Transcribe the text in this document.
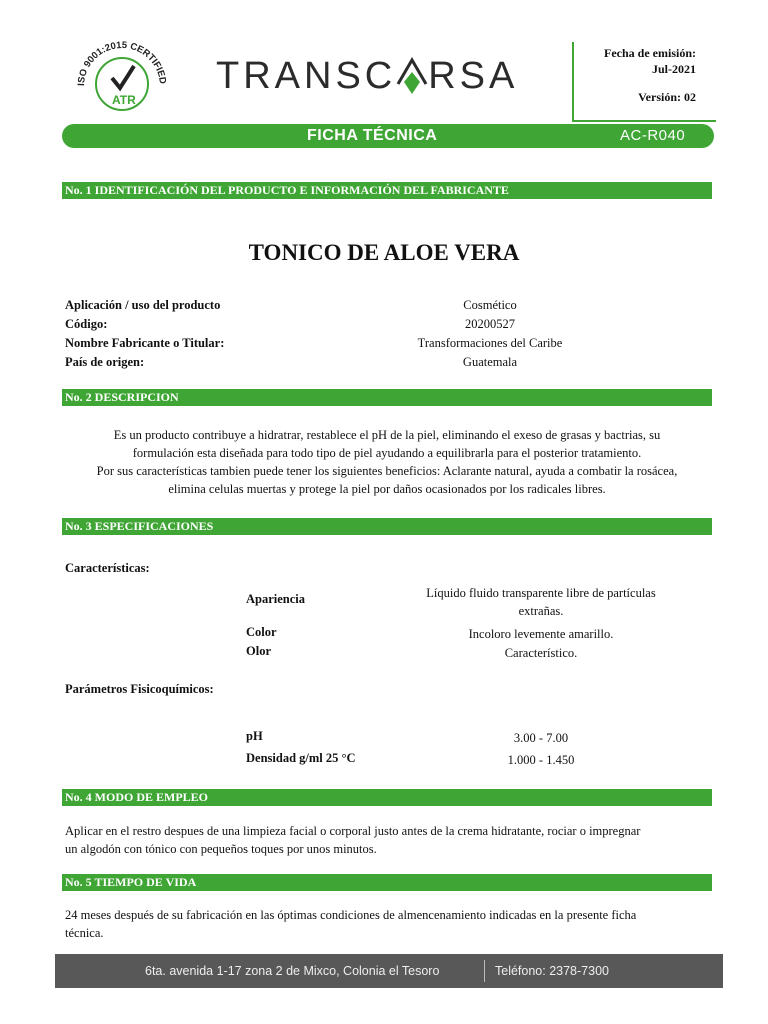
ISO 9001:2015 CERTIFIED
ATR
TRANSC RSA
Fecha de emisión:
Jul-2021
Versión: 02
FICHA TÉCNICA	AC-R040
No. 1 IDENTIFICACIÓN DEL PRODUCTO E INFORMACIÓN DEL FABRICANTE
TONICO DE ALOE VERA
Aplicación / uso del producto	Cosmético
Código:	20200527
Nombre Fabricante o Titular:	Transformaciones del Caribe
País de origen:	Guatemala
No. 2 DESCRIPCION
Es un producto contribuye a hidratrar, restablece el pH de la piel, eliminando el exeso de grasas y bactrias, su
formulación esta diseñada para todo tipo de piel ayudando a equilibrarla para el posterior tratamiento.
Por sus características tambien puede tener los siguientes beneficios: Aclarante natural, ayuda a combatir la rosácea,
elimina celulas muertas y protege la piel por daños ocasionados por los radicales libres.
No. 3 ESPECIFICACIONES
Características:
Apariencia	Líquido fluido transparente libre de partículas
extrañas.
Color	Incoloro levemente amarillo.
Olor	Característico.
Parámetros Fisicoquímicos:
pH	3.00 - 7.00
Densidad g/ml 25 °C	1.000 - 1.450
No. 4 MODO DE EMPLEO
Aplicar en el restro despues de una limpieza facial o corporal justo antes de la crema hidratante, rociar o impregnar
un algodón con tónico con pequeños toques por unos minutos.
No. 5 TIEMPO DE VIDA
24 meses después de su fabricación en las óptimas condiciones de almencenamiento indicadas en la presente ficha
técnica.
6ta. avenida 1-17 zona 2 de Mixco, Colonia el Tesoro	Teléfono: 2378-7300
